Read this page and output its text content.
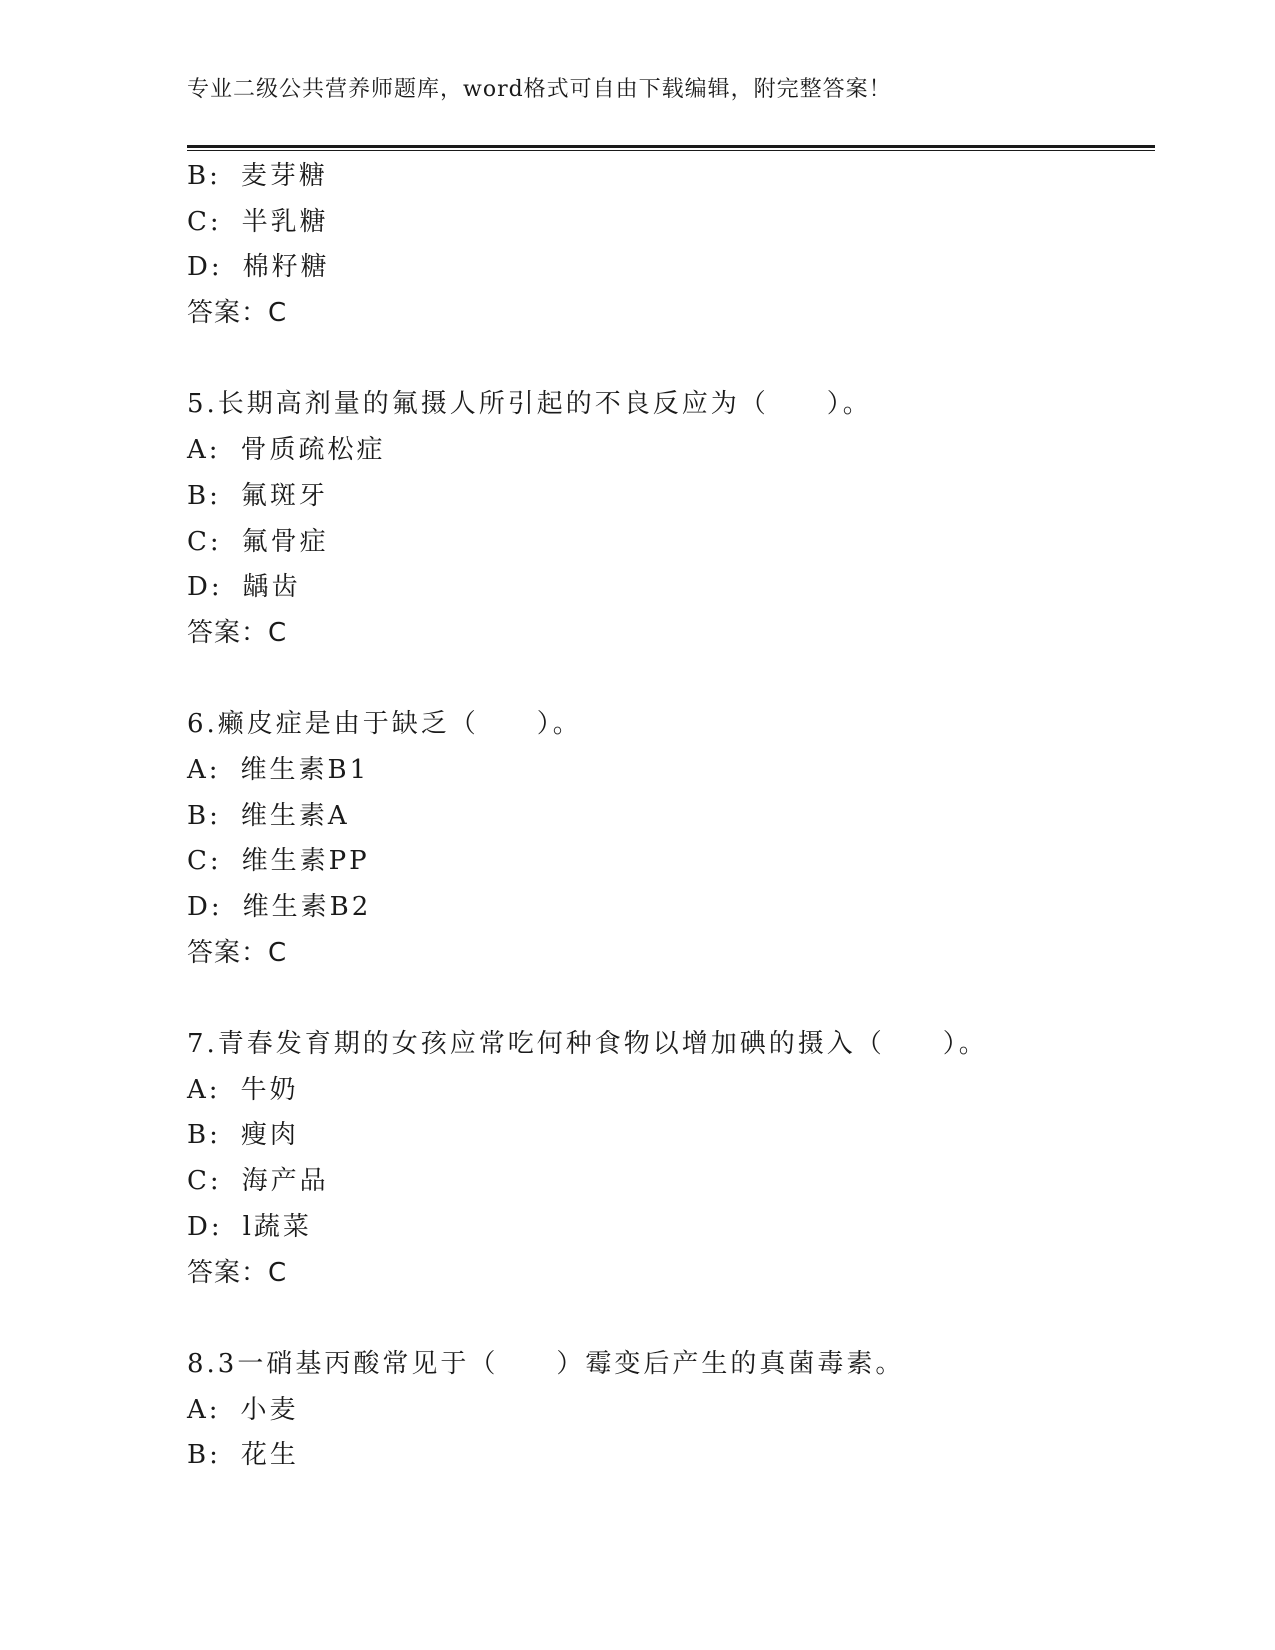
专业二级公共营养师题库，word格式可自由下载编辑，附完整答案！
B: 麦芽糖
C: 半乳糖
D: 棉籽糖
答案：C
5.长期高剂量的氟摄人所引起的不良反应为（　　）。
A: 骨质疏松症
B: 氟斑牙
C: 氟骨症
D: 龋齿
答案：C
6.癞皮症是由于缺乏（　　）。
A: 维生素B1
B: 维生素A
C: 维生素PP
D: 维生素B2
答案：C
7.青春发育期的女孩应常吃何种食物以增加碘的摄入（　　）。
A: 牛奶
B: 瘦肉
C: 海产品
D: l蔬菜
答案：C
8.3一硝基丙酸常见于（　　）霉变后产生的真菌毒素。
A: 小麦
B: 花生
